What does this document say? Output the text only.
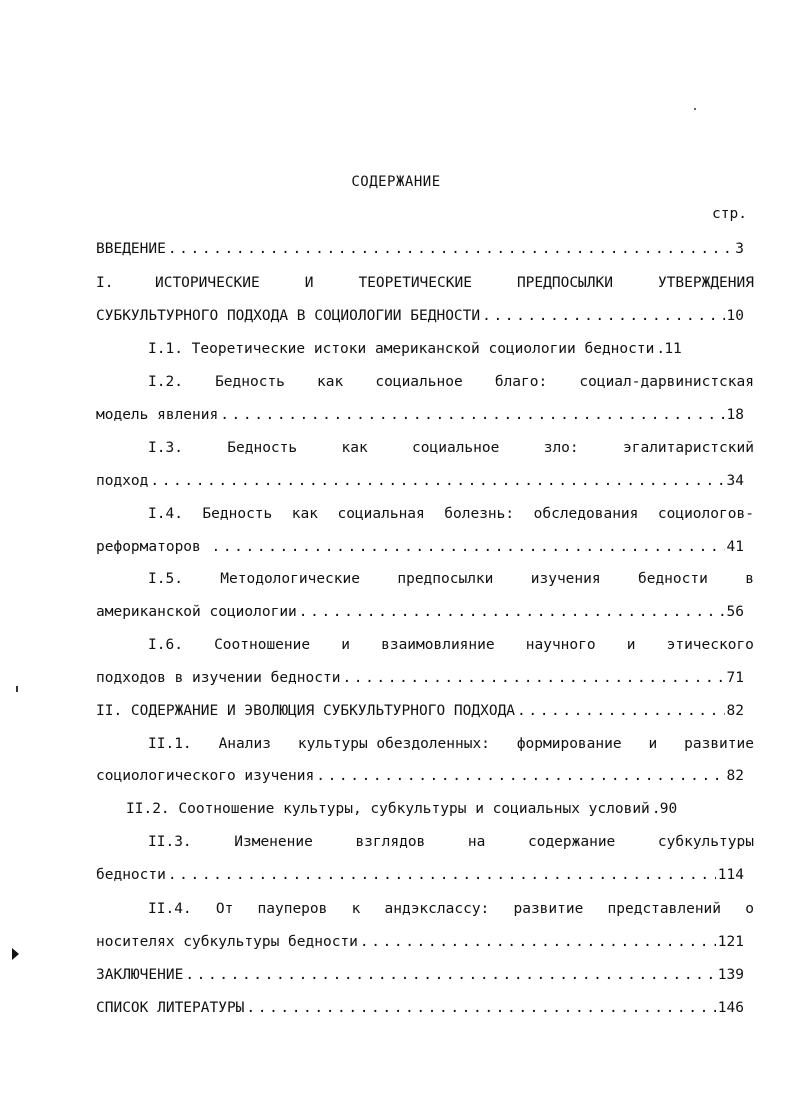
СОДЕРЖАНИЕ
стр.
ВВЕДЕНИЕ .....	3
I.	ИСТОРИЧЕСКИЕ	И	ТЕОРЕТИЧЕСКИЕ	ПРЕДПОСЫЛКИ	УТВЕРЖДЕНИЯ
СУБКУЛЬТУРНОГО ПОДХОДА В СОЦИОЛОГИИ БЕДНОСТИ .....	10
I.1. Теоретические истоки американской социологии бедности ..... 11
I.2. Бедность как социальное благо: социал-дарвинистская
модель явления .....	18
I.3.	Бедность	как	социальное	зло:	эгалитаристский
подход .....	34
I.4. Бедность как социальная болезнь: обследования социологов-
реформаторов .....	41
I.5.	Методологические	предпосылки	изучения	бедности	в
американской социологии .....	56
I.6. Соотношение и взаимовлияние научного и этического
подходов в изучении бедности .....	71
II. СОДЕРЖАНИЕ И ЭВОЛЮЦИЯ СУБКУЛЬТУРНОГО ПОДХОДА .....	82
II.1. Анализ культуры обездоленных: формирование и развитие
социологического изучения .....	82
II.2. Соотношение культуры, субкультуры и социальных условий ..... 90
II.3.	Изменение	взглядов	на	содержание	субкультуры
бедности .....	114
II.4. От пауперов к андэкслассу: развитие представлений о
носителях субкультуры бедности .....	121
ЗАКЛЮЧЕНИЕ .....	139
СПИСОК ЛИТЕРАТУРЫ .....	146
